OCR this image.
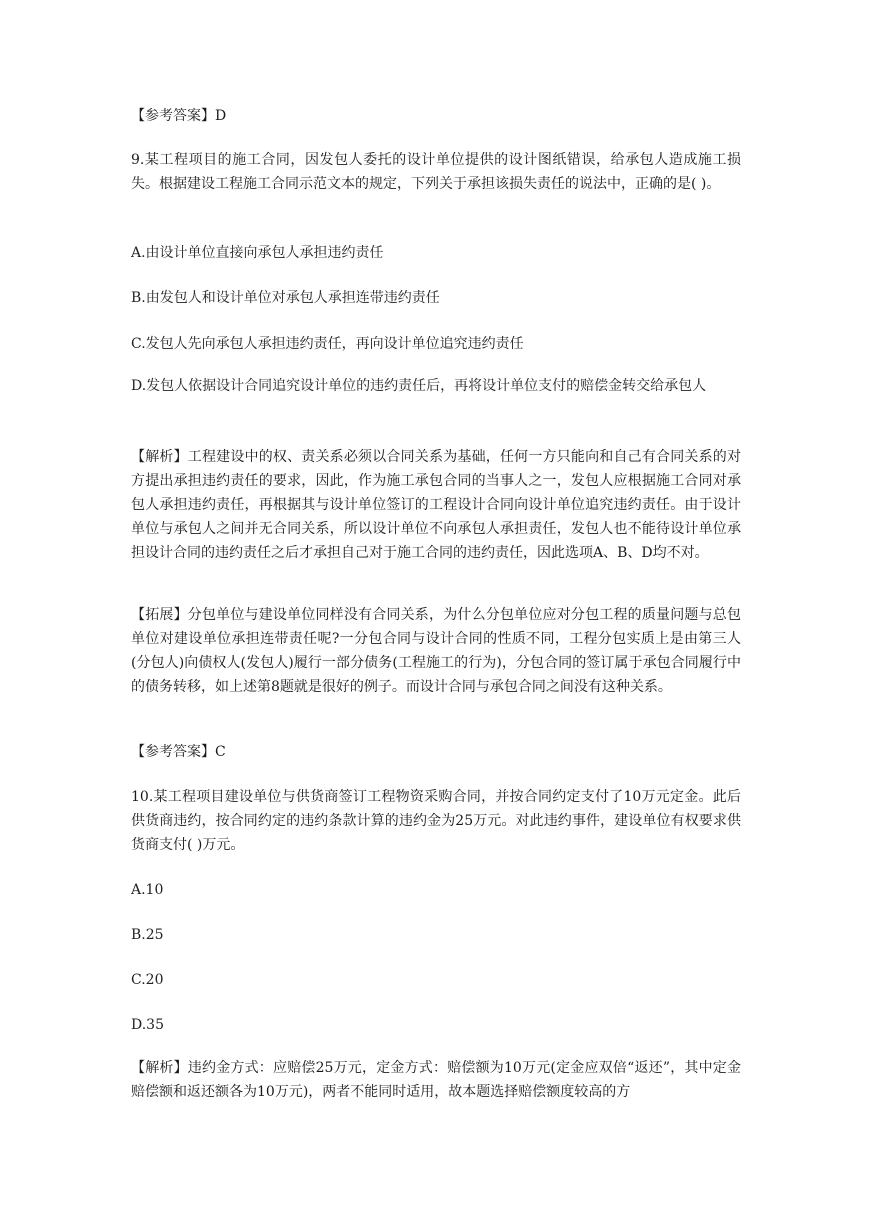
【参考答案】D
9.某工程项目的施工合同，因发包人委托的设计单位提供的设计图纸错误，给承包人造成施工损失。根据建设工程施工合同示范文本的规定，下列关于承担该损失责任的说法中，正确的是( )。
A.由设计单位直接向承包人承担违约责任
B.由发包人和设计单位对承包人承担连带违约责任
C.发包人先向承包人承担违约责任，再向设计单位追究违约责任
D.发包人依据设计合同追究设计单位的违约责任后，再将设计单位支付的赔偿金转交给承包人
【解析】工程建设中的权、责关系必须以合同关系为基础，任何一方只能向和自己有合同关系的对方提出承担违约责任的要求，因此，作为施工承包合同的当事人之一，发包人应根据施工合同对承包人承担违约责任，再根据其与设计单位签订的工程设计合同向设计单位追究违约责任。由于设计单位与承包人之间并无合同关系，所以设计单位不向承包人承担责任，发包人也不能待设计单位承担设计合同的违约责任之后才承担自己对于施工合同的违约责任，因此选项A、B、D均不对。
【拓展】分包单位与建设单位同样没有合同关系，为什么分包单位应对分包工程的质量问题与总包单位对建设单位承担连带责任呢?一分包合同与设计合同的性质不同，工程分包实质上是由第三人(分包人)向债权人(发包人)履行一部分债务(工程施工的行为)，分包合同的签订属于承包合同履行中的债务转移，如上述第8题就是很好的例子。而设计合同与承包合同之间没有这种关系。
【参考答案】C
10.某工程项目建设单位与供货商签订工程物资采购合同，并按合同约定支付了10万元定金。此后供货商违约，按合同约定的违约条款计算的违约金为25万元。对此违约事件，建设单位有权要求供货商支付( )万元。
A.10
B.25
C.20
D.35
【解析】违约金方式：应赔偿25万元，定金方式：赔偿额为10万元(定金应双倍“返还”，其中定金赔偿额和返还额各为10万元)，两者不能同时适用，故本题选择赔偿额度较高的方
